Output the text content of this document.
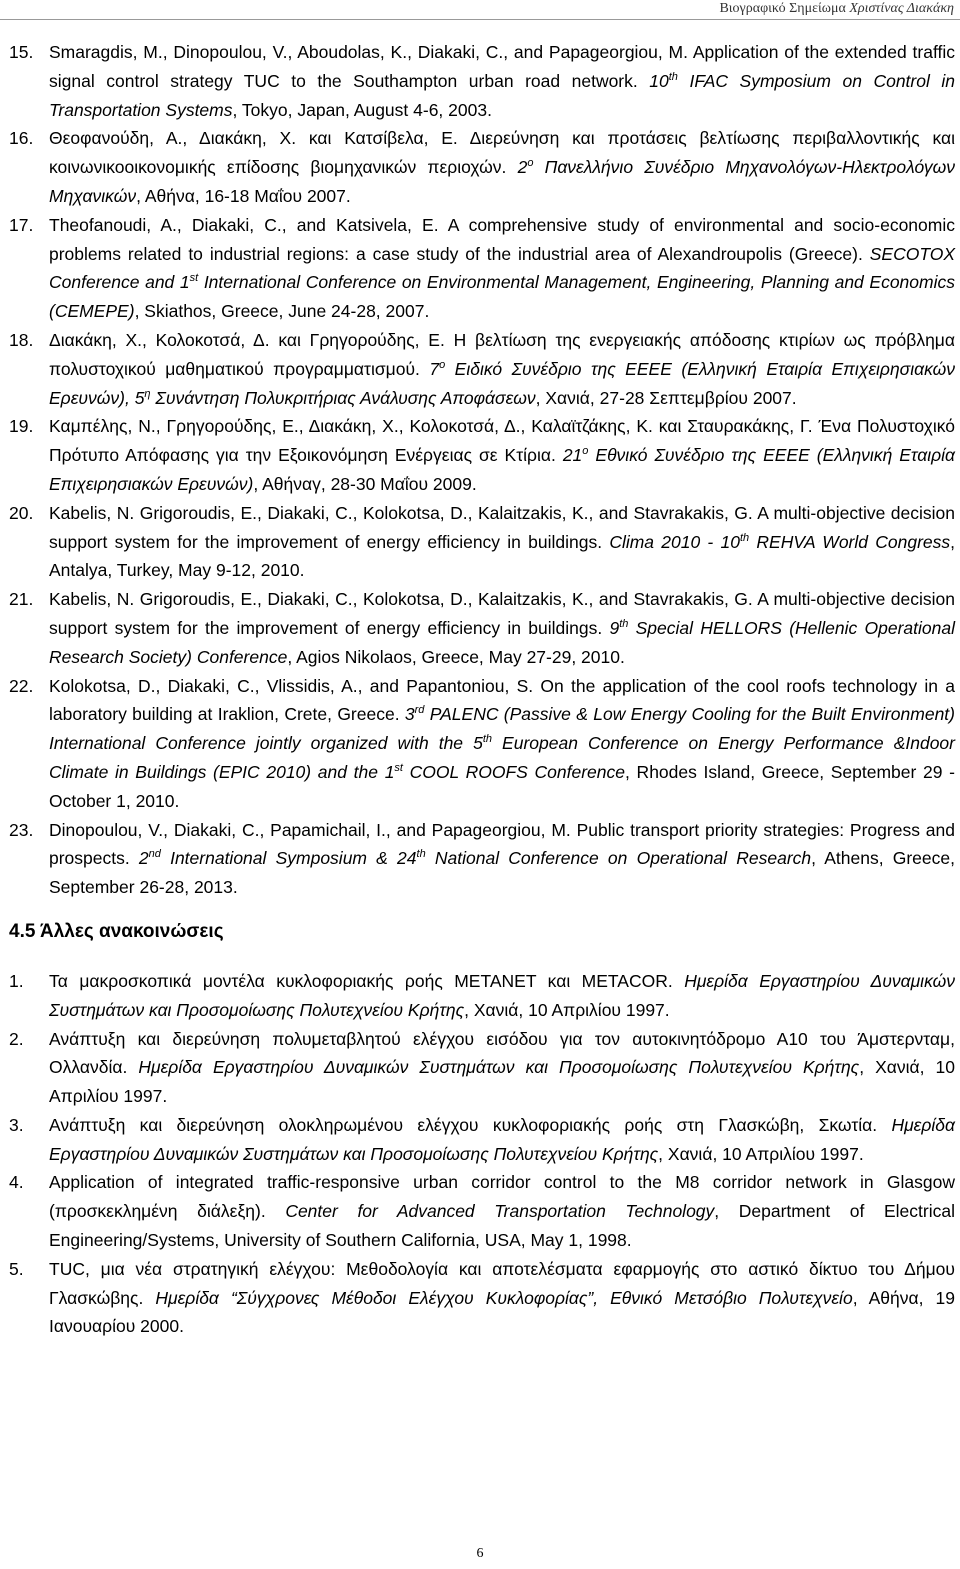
Βιογραφικό Σημείωμα Χριστίνας Διακάκη
15. Smaragdis, M., Dinopoulou, V., Aboudolas, K., Diakaki, C., and Papageorgiou, M. Application of the extended traffic signal control strategy TUC to the Southampton urban road network. 10th IFAC Symposium on Control in Transportation Systems, Tokyo, Japan, August 4-6, 2003.
16. Θεοφανούδη, Α., Διακάκη, Χ. και Κατσίβελα, Ε. Διερεύνηση και προτάσεις βελτίωσης περιβαλλοντικής και κοινωνικοοικονομικής επίδοσης βιομηχανικών περιοχών. $2^o$ Πανελλήνιο Συνέδριο Μηχανολόγων-Ηλεκτρολόγων Μηχανικών, Αθήνα, 16-18 Μαΐου 2007.
17. Theofanoudi, A., Diakaki, C., and Katsivela, E. A comprehensive study of environmental and socio-economic problems related to industrial regions: a case study of the industrial area of Alexandroupolis (Greece). SECOTOX Conference and 1st International Conference on Environmental Management, Engineering, Planning and Economics (CEMEPE), Skiathos, Greece, June 24-28, 2007.
18. Διακάκη, Χ., Κολοκοτσά, Δ. και Γρηγορούδης, Ε. Η βελτίωση της ενεργειακής απόδοσης κτιρίων ως πρόβλημα πολυστοχικού μαθηματικού προγραμματισμού. $7^o$ Ειδικό Συνέδριο της ΕΕΕΕ (Ελληνική Εταιρία Επιχειρησιακών Ερευνών), $5^\eta$ Συνάντηση Πολυκριτήριας Ανάλυσης Αποφάσεων, Χανιά, 27-28 Σεπτεμβρίου 2007.
19. Καμπέλης, Ν., Γρηγορούδης, Ε., Διακάκη, Χ., Κολοκοτσά, Δ., Καλαϊτζάκης, Κ. και Σταυρακάκης, Γ. Ένα Πολυστοχικό Πρότυπο Απόφασης για την Εξοικονόμηση Ενέργειας σε Κτίρια. $21^o$ Εθνικό Συνέδριο της ΕΕΕΕ (Ελληνική Εταιρία Επιχειρησιακών Ερευνών), Αθήναγ, 28-30 Μαΐου 2009.
20. Kabelis, N. Grigoroudis, E., Diakaki, C., Kolokotsa, D., Kalaitzakis, K., and Stavrakakis, G. A multi-objective decision support system for the improvement of energy efficiency in buildings. Clima 2010 - 10th REHVA World Congress, Antalya, Turkey, May 9-12, 2010.
21. Kabelis, N. Grigoroudis, E., Diakaki, C., Kolokotsa, D., Kalaitzakis, K., and Stavrakakis, G. A multi-objective decision support system for the improvement of energy efficiency in buildings. 9th Special HELLORS (Hellenic Operational Research Society) Conference, Agios Nikolaos, Greece, May 27-29, 2010.
22. Kolokotsa, D., Diakaki, C., Vlissidis, A., and Papantoniou, S. On the application of the cool roofs technology in a laboratory building at Iraklion, Crete, Greece. 3rd PALENC (Passive & Low Energy Cooling for the Built Environment) International Conference jointly organized with the 5th European Conference on Energy Performance &Indoor Climate in Buildings (EPIC 2010) and the 1st COOL ROOFS Conference, Rhodes Island, Greece, September 29 - October 1, 2010.
23. Dinopoulou, V., Diakaki, C., Papamichail, I., and Papageorgiou, M. Public transport priority strategies: Progress and prospects. 2nd International Symposium & 24th National Conference on Operational Research, Athens, Greece, September 26-28, 2013.
4.5 Άλλες ανακοινώσεις
1. Τα μακροσκοπικά μοντέλα κυκλοφοριακής ροής METANET και METACOR. Ημερίδα Εργαστηρίου Δυναμικών Συστημάτων και Προσομοίωσης Πολυτεχνείου Κρήτης, Χανιά, 10 Απριλίου 1997.
2. Ανάπτυξη και διερεύνηση πολυμεταβλητού ελέγχου εισόδου για τον αυτοκινητόδρομο Α10 του Άμστερνταμ, Ολλανδία. Ημερίδα Εργαστηρίου Δυναμικών Συστημάτων και Προσομοίωσης Πολυτεχνείου Κρήτης, Χανιά, 10 Απριλίου 1997.
3. Ανάπτυξη και διερεύνηση ολοκληρωμένου ελέγχου κυκλοφοριακής ροής στη Γλασκώβη, Σκωτία. Ημερίδα Εργαστηρίου Δυναμικών Συστημάτων και Προσομοίωσης Πολυτεχνείου Κρήτης, Χανιά, 10 Απριλίου 1997.
4. Application of integrated traffic-responsive urban corridor control to the M8 corridor network in Glasgow (προσκεκλημένη διάλεξη). Center for Advanced Transportation Technology, Department of Electrical Engineering/Systems, University of Southern California, USA, May 1, 1998.
5. TUC, μια νέα στρατηγική ελέγχου: Μεθοδολογία και αποτελέσματα εφαρμογής στο αστικό δίκτυο του Δήμου Γλασκώβης. Ημερίδα “Σύγχρονες Μέθοδοι Ελέγχου Κυκλοφορίας”, Εθνικό Μετσόβιο Πολυτεχνείο, Αθήνα, 19 Ιανουαρίου 2000.
6
